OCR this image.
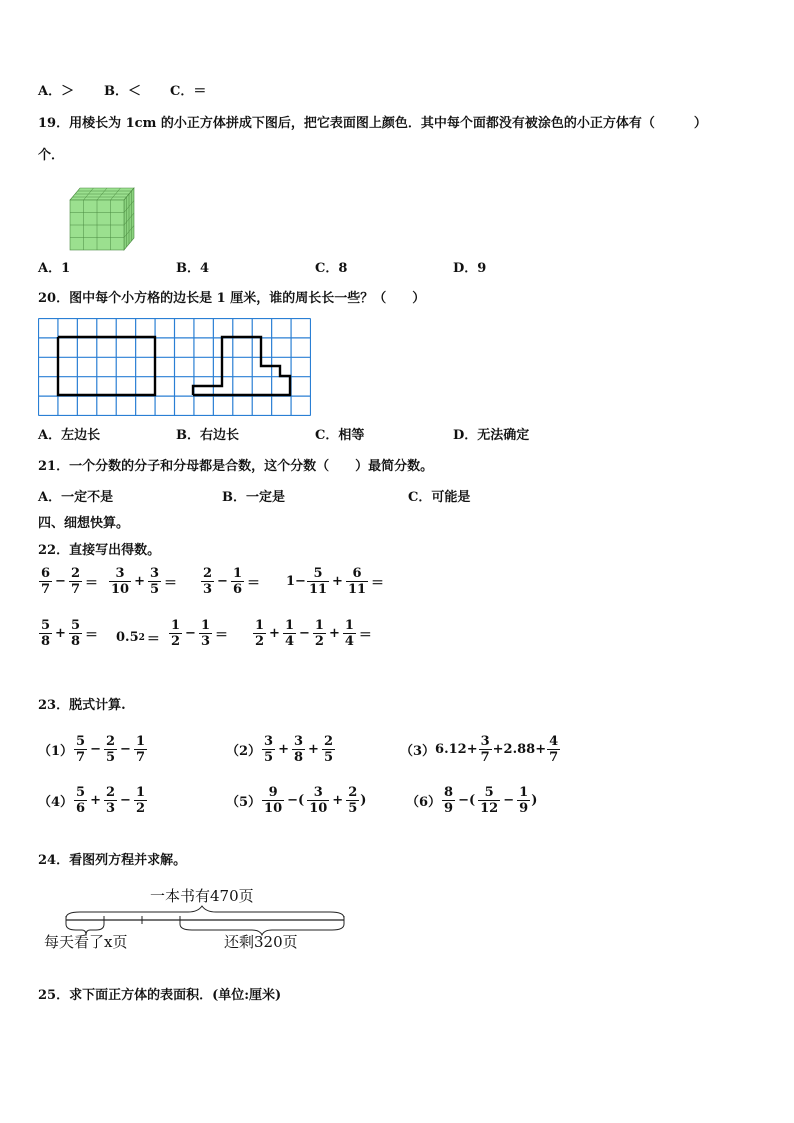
A．＞ B．＜ C．＝
19．用棱长为 1cm 的小正方体拼成下图后，把它表面图上颜色．其中每个面都没有被涂色的小正方体有（　　　）
个．
A．1	B．4	C．8	D．9
20．图中每个小方格的边长是 1 厘米，谁的周长长一些？（　　）
A．左边长	B．右边长	C．相等	D．无法确定
21．一个分数的分子和分母都是合数，这个分数（　　）最简分数。
A．一定不是	B．一定是	C．可能是
四、细想快算。
22．直接写出得数。
$\frac{6}{7} - \frac{2}{7} = \frac{3}{10} + \frac{3}{5} = \frac{2}{3} - \frac{1}{6} = 1- \frac{5}{11} + \frac{6}{11}$ ＝
$\frac{5}{8} + \frac{5}{8} = 0.5$ $2 = \frac{1}{2} - \frac{1}{3} = \frac{1}{2} + \frac{1}{4} - \frac{1}{2} + \frac{1}{4}$ ＝
23．脱式计算.
$(1) \frac{5}{7} - \frac{2}{5} - \frac{1}{7}$	$(2) \frac{3}{5} + \frac{3}{8} + \frac{2}{5}$	（3） $6.12+ \frac{3}{7} +2.88+ \frac{4}{7}$
$(4) \frac{5}{6} + \frac{2}{3} - \frac{1}{2}$	$(5) \frac{9}{10}$ −( $\frac{3}{10} + \frac{2}{5}$ )	$(6) \frac{8}{9}$ −( $\frac{5}{12} - \frac{1}{9}$ )
24．看图列方程并求解。
一本书有470页
每天看了x页	还剩320页
25．求下面正方体的表面积．(单位:厘米)
